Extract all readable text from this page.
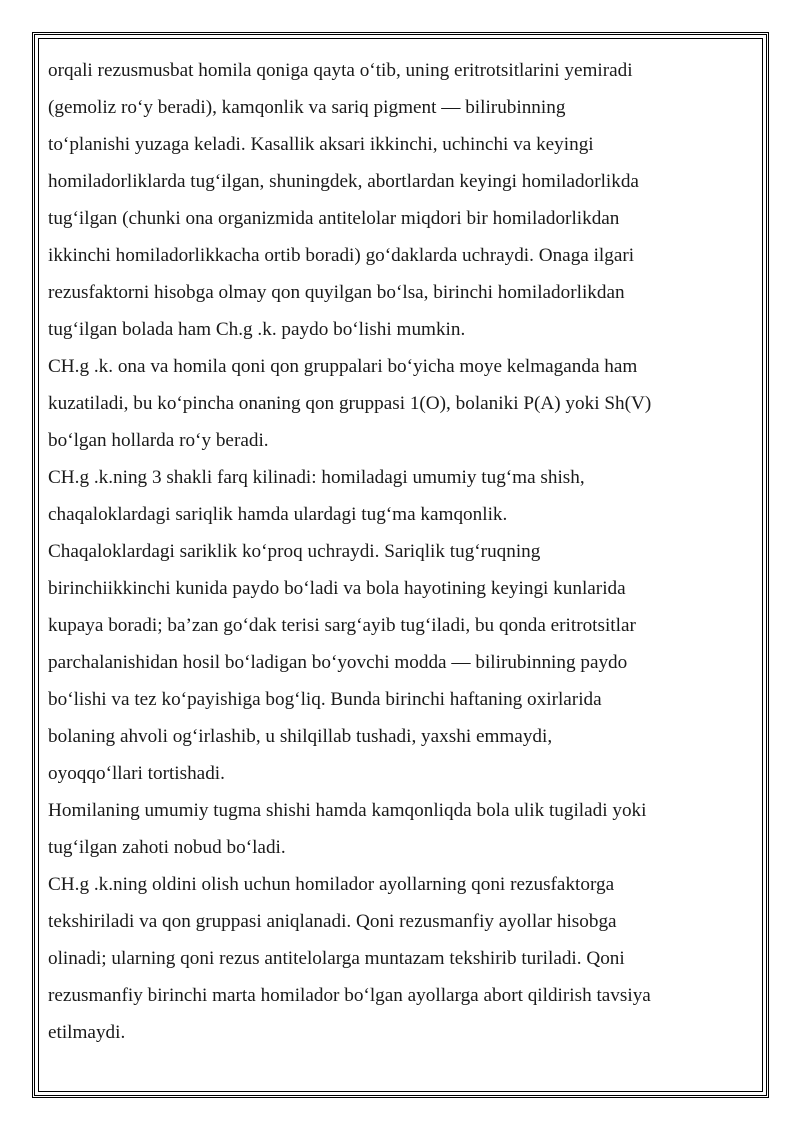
orqali rezusmusbat homila qoniga qayta o‘tib, uning eritrotsitlarini yemiradi
(gemoliz ro‘y beradi), kamqonlik va sariq pigment — bilirubinning
to‘planishi yuzaga keladi. Kasallik aksari ikkinchi, uchinchi va keyingi
homiladorliklarda tug‘ilgan, shuningdek, abortlardan keyingi homiladorlikda
tug‘ilgan (chunki ona organizmida antitelolar miqdori bir homiladorlikdan
ikkinchi homiladorlikkacha ortib boradi) go‘daklarda uchraydi. Onaga ilgari
rezusfaktorni hisobga olmay qon quyilgan bo‘lsa, birinchi homiladorlikdan
tug‘ilgan bolada ham Ch.g .k. paydo bo‘lishi mumkin.
CH.g .k. ona va homila qoni qon gruppalari bo‘yicha moye kelmaganda ham
kuzatiladi, bu ko‘pincha onaning qon gruppasi 1(O), bolaniki P(A) yoki Sh(V)
bo‘lgan hollarda ro‘y beradi.
CH.g .k.ning 3 shakli farq kilinadi: homiladagi umumiy tug‘ma shish,
chaqaloklardagi sariqlik hamda ulardagi tug‘ma kamqonlik.
Chaqaloklardagi sariklik ko‘proq uchraydi. Sariqlik tug‘ruqning
birinchiikkinchi kunida paydo bo‘ladi va bola hayotining keyingi kunlarida
kupaya boradi; ba’zan go‘dak terisi sarg‘ayib tug‘iladi, bu qonda eritrotsitlar
parchalanishidan hosil bo‘ladigan bo‘yovchi modda — bilirubinning paydo
bo‘lishi va tez ko‘payishiga bog‘liq. Bunda birinchi haftaning oxirlarida
bolaning ahvoli og‘irlashib, u shilqillab tushadi, yaxshi emmaydi,
oyoqqo‘llari tortishadi.
Homilaning umumiy tugma shishi hamda kamqonliqda bola ulik tugiladi yoki
tug‘ilgan zahoti nobud bo‘ladi.
CH.g .k.ning oldini olish uchun homilador ayollarning qoni rezusfaktorga
tekshiriladi va qon gruppasi aniqlanadi. Qoni rezusmanfiy ayollar hisobga
olinadi; ularning qoni rezus antitelolarga muntazam tekshirib turiladi. Qoni
rezusmanfiy birinchi marta homilador bo‘lgan ayollarga abort qildirish tavsiya
etilmaydi.
